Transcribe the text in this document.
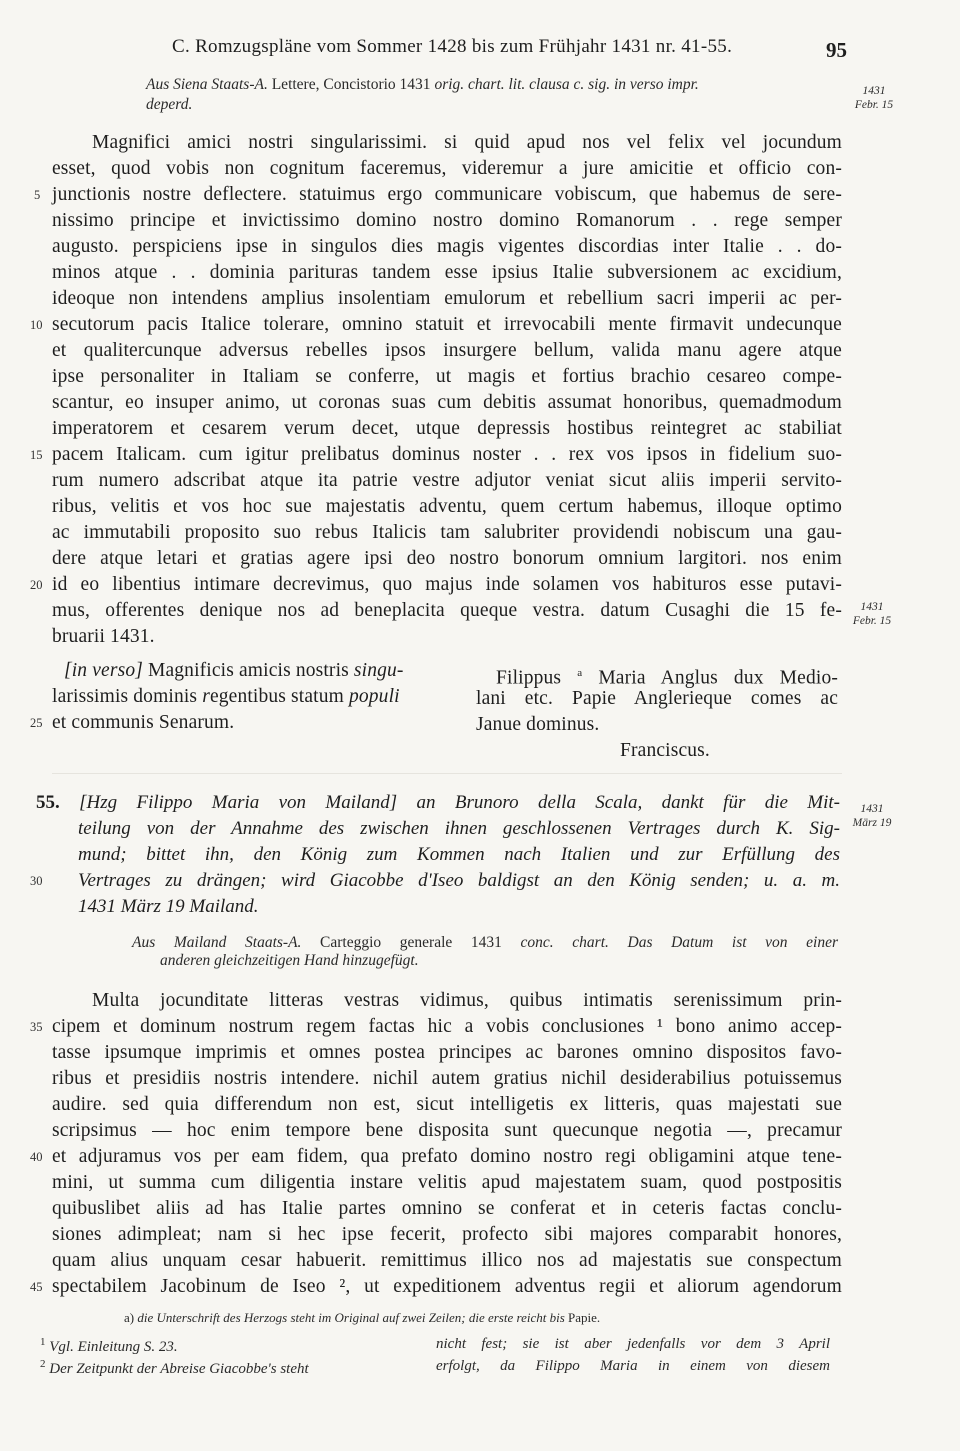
C. Romzugspläne vom Sommer 1428 bis zum Frühjahr 1431 nr. 41-55.	95
Aus Siena Staats-A. Lettere, Concistorio 1431 orig. chart. lit. clausa c. sig. in verso impr.
deperd.
1431
Febr. 15
Magnifici amici nostri singularissimi. si quid apud nos vel felix vel jocundum
esset, quod vobis non cognitum faceremus, videremur a jure amicitie et officio con-
5 junctionis nostre deflectere. statuimus ergo communicare vobiscum, que habemus de sere-
nissimo principe et invictissimo domino nostro domino Romanorum . . rege semper
augusto. perspiciens ipse in singulos dies magis vigentes discordias inter Italie . . do-
minos atque . . dominia parituras tandem esse ipsius Italie subversionem ac excidium,
ideoque non intendens amplius insolentiam emulorum et rebellium sacri imperii ac per-
10 secutorum pacis Italice tolerare, omnino statuit et irrevocabili mente firmavit undecunque
et qualitercunque adversus rebelles ipsos insurgere bellum, valida manu agere atque
ipse personaliter in Italiam se conferre, ut magis et fortius brachio cesareo compe-
scantur, eo insuper animo, ut coronas suas cum debitis assumat honoribus, quemadmodum
imperatorem et cesarem verum decet, utque depressis hostibus reintegret ac stabiliat
15 pacem Italicam. cum igitur prelibatus dominus noster . . rex vos ipsos in fidelium suo-
rum numero adscribat atque ita patrie vestre adjutor veniat sicut aliis imperii servito-
ribus, velitis et vos hoc sue majestatis adventu, quem certum habemus, illoque optimo
ac immutabili proposito suo rebus Italicis tam salubriter providendi nobiscum una gau-
dere atque letari et gratias agere ipsi deo nostro bonorum omnium largitori. nos enim
20 id eo libentius intimare decrevimus, quo majus inde solamen vos habituros esse putavi-
mus, offerentes denique nos ad beneplacita queque vestra. datum Cusaghi die 15 fe-
bruarii 1431.
1431
Febr. 15
[in verso] Magnificis amicis nostris singu-
larissimis dominis regentibus statum populi
25 et communis Senarum.
Filippus $^a$ Maria Anglus dux Medio-
lani etc. Papie Anglerieque comes ac
Janue dominus.
Franciscus.
55. [Hzg Filippo Maria von Mailand] an Brunoro della Scala, dankt für die Mit-
teilung von der Annahme des zwischen ihnen geschlossenen Vertrages durch K. Sig-
mund; bittet ihn, den König zum Kommen nach Italien und zur Erfüllung des
30 Vertrages zu drängen; wird Giacobbe d'Iseo baldigst an den König senden; u. a. m.
1431 März 19 Mailand.
1431
März 19
Aus Mailand Staats-A. Carteggio generale 1431 conc. chart. Das Datum ist von einer
anderen gleichzeitigen Hand hinzugefügt.
Multa jocunditate litteras vestras vidimus, quibus intimatis serenissimum prin-
35 cipem et dominum nostrum regem factas hic a vobis conclusiones ¹ bono animo accep-
tasse ipsumque imprimis et omnes postea principes ac barones omnino dispositos favo-
ribus et presidiis nostris intendere. nichil autem gratius nichil desiderabilius potuissemus
audire. sed quia differendum non est, sicut intelligetis ex litteris, quas majestati sue
scripsimus — hoc enim tempore bene disposita sunt quecunque negotia —, precamur
40 et adjuramus vos per eam fidem, qua prefato domino nostro regi obligamini atque tene-
mini, ut summa cum diligentia instare velitis apud majestatem suam, quod postpositis
quibuslibet aliis ad has Italie partes omnino se conferat et in ceteris factas conclu-
siones adimpleat; nam si hec ipse fecerit, profecto sibi majores comparabit honores,
quam alius unquam cesar habuerit. remittimus illico nos ad majestatis sue conspectum
45 spectabilem Jacobinum de Iseo ², ut expeditionem adventus regii et aliorum agendorum
a) die Unterschrift des Herzogs steht im Original auf zwei Zeilen; die erste reicht bis Papie.
$^1$ Vgl. Einleitung S. 23.
$^2$ Der Zeitpunkt der Abreise Giacobbe's steht
nicht fest; sie ist aber jedenfalls vor dem 3 April
erfolgt, da Filippo Maria in einem von diesem
